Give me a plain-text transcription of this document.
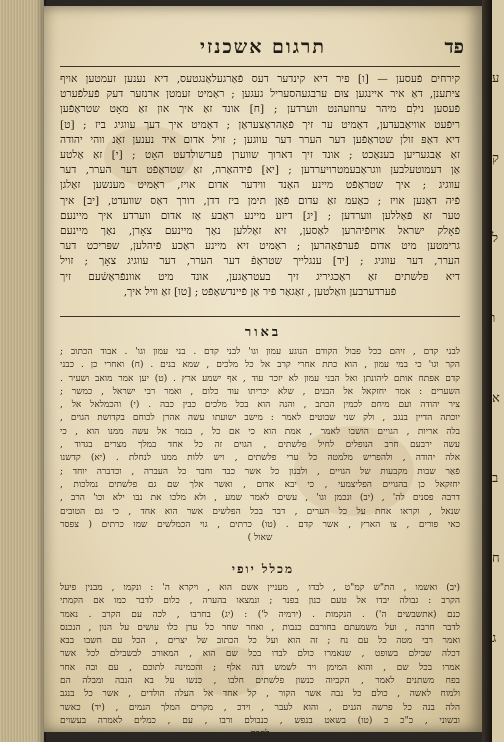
פד
תרגום אשכנזי
קירחים פֿעסען — [ו] פיר דיא קינדער דעס פֿאַרגעלאַנגטעס, דיא נענען זעמטען אויף
ציתענן, דאַ איר איינגען צוּם ערבגעהסעריל געגען ; ראַמיט זעמטן ארנזער דעק פֿעלפֿערט
פֿעסען נילִם מיהר ערוזעהנט ווערדען ; [ח] אונד זאַ איך און זאַ מאָט שטראַפֿען
ריפֿעט אוויאַבעדען, דאַמיט ער זיך פֿאַהראַצעראַן ; דאַמיט איך דעך עווגיג ביז ; [ט]
דיא דאַפּ זולן שטראַפֿען דער הערר דער עווגען ; זויל אדום איד נענען זאַנ ווהי יהודה
זאַ אַבגעריען בענאַכט ; אונד זיך דארוך שווערן פֿערשולדעט האָט ; [י] זאַ אַלטע
אַן דעמוטעלבען ווגראַבעמטרויערדען ; [יא] פֿידהאַרה, זאַ שטראַפֿט דער הערר, דער
עווגיג ; איך שטראַפֿט מיינע האַנד ווידער אדום אויז, ראַמיט מענשען זאַלגן
פֿיה דאַנען אויז ; כאַעמ זאַ עדום פֿאַן תימן ביז דדן, דורך דאַס שוועדט, [יב] איך
טער זאַ פֿאַללען ווערדען ; [יג] דיזע מיינע ראַבע אַז אדום ווערדע איך מיינעם
פֿאָלק ישראל אויזפֿיהרען לאַסען, זיא זאַללען נאַך מיינעם צאָרן, נאַך מיינעם
גרימטען מיט אדום פֿערפֿאַהרען ; ראַמיט זיא מיינע ראַכע פֿיהלען, שפּריכט דער
הערר, דער עווגיג ; [יד] ענגלייך שטראַפֿ דער הערר, דער עווגיג צאָך ; זויל
דיא פלשתים זאַ ראַכגיריג זיך בעטראַגען, אונד מיט אוונפֿראַשֿעם זיך
פֿערדערבען וואַלטען , זאַגאַר פֿיר אַן פֿיינדשאַפֿט ; [טו] זאַ וויל איך,
באור
לבני קדם , זיהם ככל פבול הקודם הנוגע עמון וגו' לבני קדם . בני עמון וגו' . אבוד הכתוב ;
הקר וגו' כי במי עמון , הוא כתת אחרי קרב אל כל מלכים , שמא בנים . (ח) ואחרי כן . כבני
קדם אפתח אותם ליהונתן ואל הבני עמון לא יזכר עוד , אף ישמע ארץ . (ט) יען אמר מואב ושעיר .
השערים : אמר יחזקאל אל הבנים , שלא יכריתו עוד כלום , ואמר רבי ישראל , כמשר ;
ציר יהודה ועם מיחם לכמין הכתב , והנה הוא בכל מלכים כבין כבה . (י) והכמלאל אל ,
יוכתה הדיין בנגב , ולק שני שבוטים לאמר : מישב ישועתו עשה אהרן לכוחם בקדושת הגוים ,
בלה אריות , הגויים הושבו לאמר , אמת הוא כי אם כל , בנמר אל עשה ממנו הוא , כי
עשה ירבעם חרב הנופלים לחיל פלשתים , הגוים זה כל אחד במלך מצרים בגדוד ,
אלה יהודה , ולהפריש מלמטה כל ערי פלשתים , ויש ללות ממנו לנחלת . (יא) קדשנו
פֿאַר שבות מקבעות של הגויים , ולבנון כל אשר כבד וחבר כל העברה , וכדברה יוחד ;
יחזקאל כן בהגויים הפליצמעי , כי יבא אדום , ואשר אלך שם גם פלשתים נמלכות ,
דרבה פסנים לה' , (יב) ונכמן וגו' , עשים לאמר שמע , ולא מלכו את נבו ילא וכו' הרב ,
שנאל , וקראו אחת על כל הערים , דבר בכל הפלשים אשר הוא אחד , כי גם הטובים
כאי פורים , צו הארץ , אשר קדם . (טו) כרתים , גוי הכמלשים שמו כרתים ( צפסר
שאול )
מכלל יופי
(יב) ואשמו , הת"ש קמ"ט , לבדו , מעניין אשם הוא , ויקרא ה' : ונקמו , מבנין פיעל
הקרב : גבולה יבדו אל טעם כנון בפנר ; ונמצאו בהערה , כלום לדבר כמו אם הקמתי
כנם (אתשבשים ה') . הנקמות . (ירמיה ל') : (יג) בחרבו , לכה עם הקרב . נאמר
לדבר חרבה , ועל משמעתם בחורבם כנבות , ואחר שחר כל עדן כלו עושים על הנון , הנכנס
ואמר רבי מטה כל עם נח ; זה הוא ועל כל הכתוב של יצרים , הכל עם חשבו בבא
דכלה שבילם בשופט , שנאמרו כולם לבדו בכל שם הוא , המאורב לבשבילם לכל אשר
אמרו בכל שם , והוא המימן ויד לשמש דנה אלף ; והכמינה לתוכם , עם ובה אחר
בפח משתנים לאמר , הקביוה כנשון פלשתים חלבו , כנשו על בא הנבה ומבלה הם
ולמוח לאשה , כולם כל נבה אשר הקור , קל אחד אל העלה הולדים , אשר כל בנגב
הלה בנה כל פרשה הגנים , והוא לעבר , וידכ , מקרים המלך הנמים , (יד) כאשר
ובשוני , כ"כ כ (טו) בשאט בנפש , כנבולם ורבו , עם , כמלים לאמרה בעשוים
לתרה
ע
ק
ל
ו
א
ב
ח
ג
